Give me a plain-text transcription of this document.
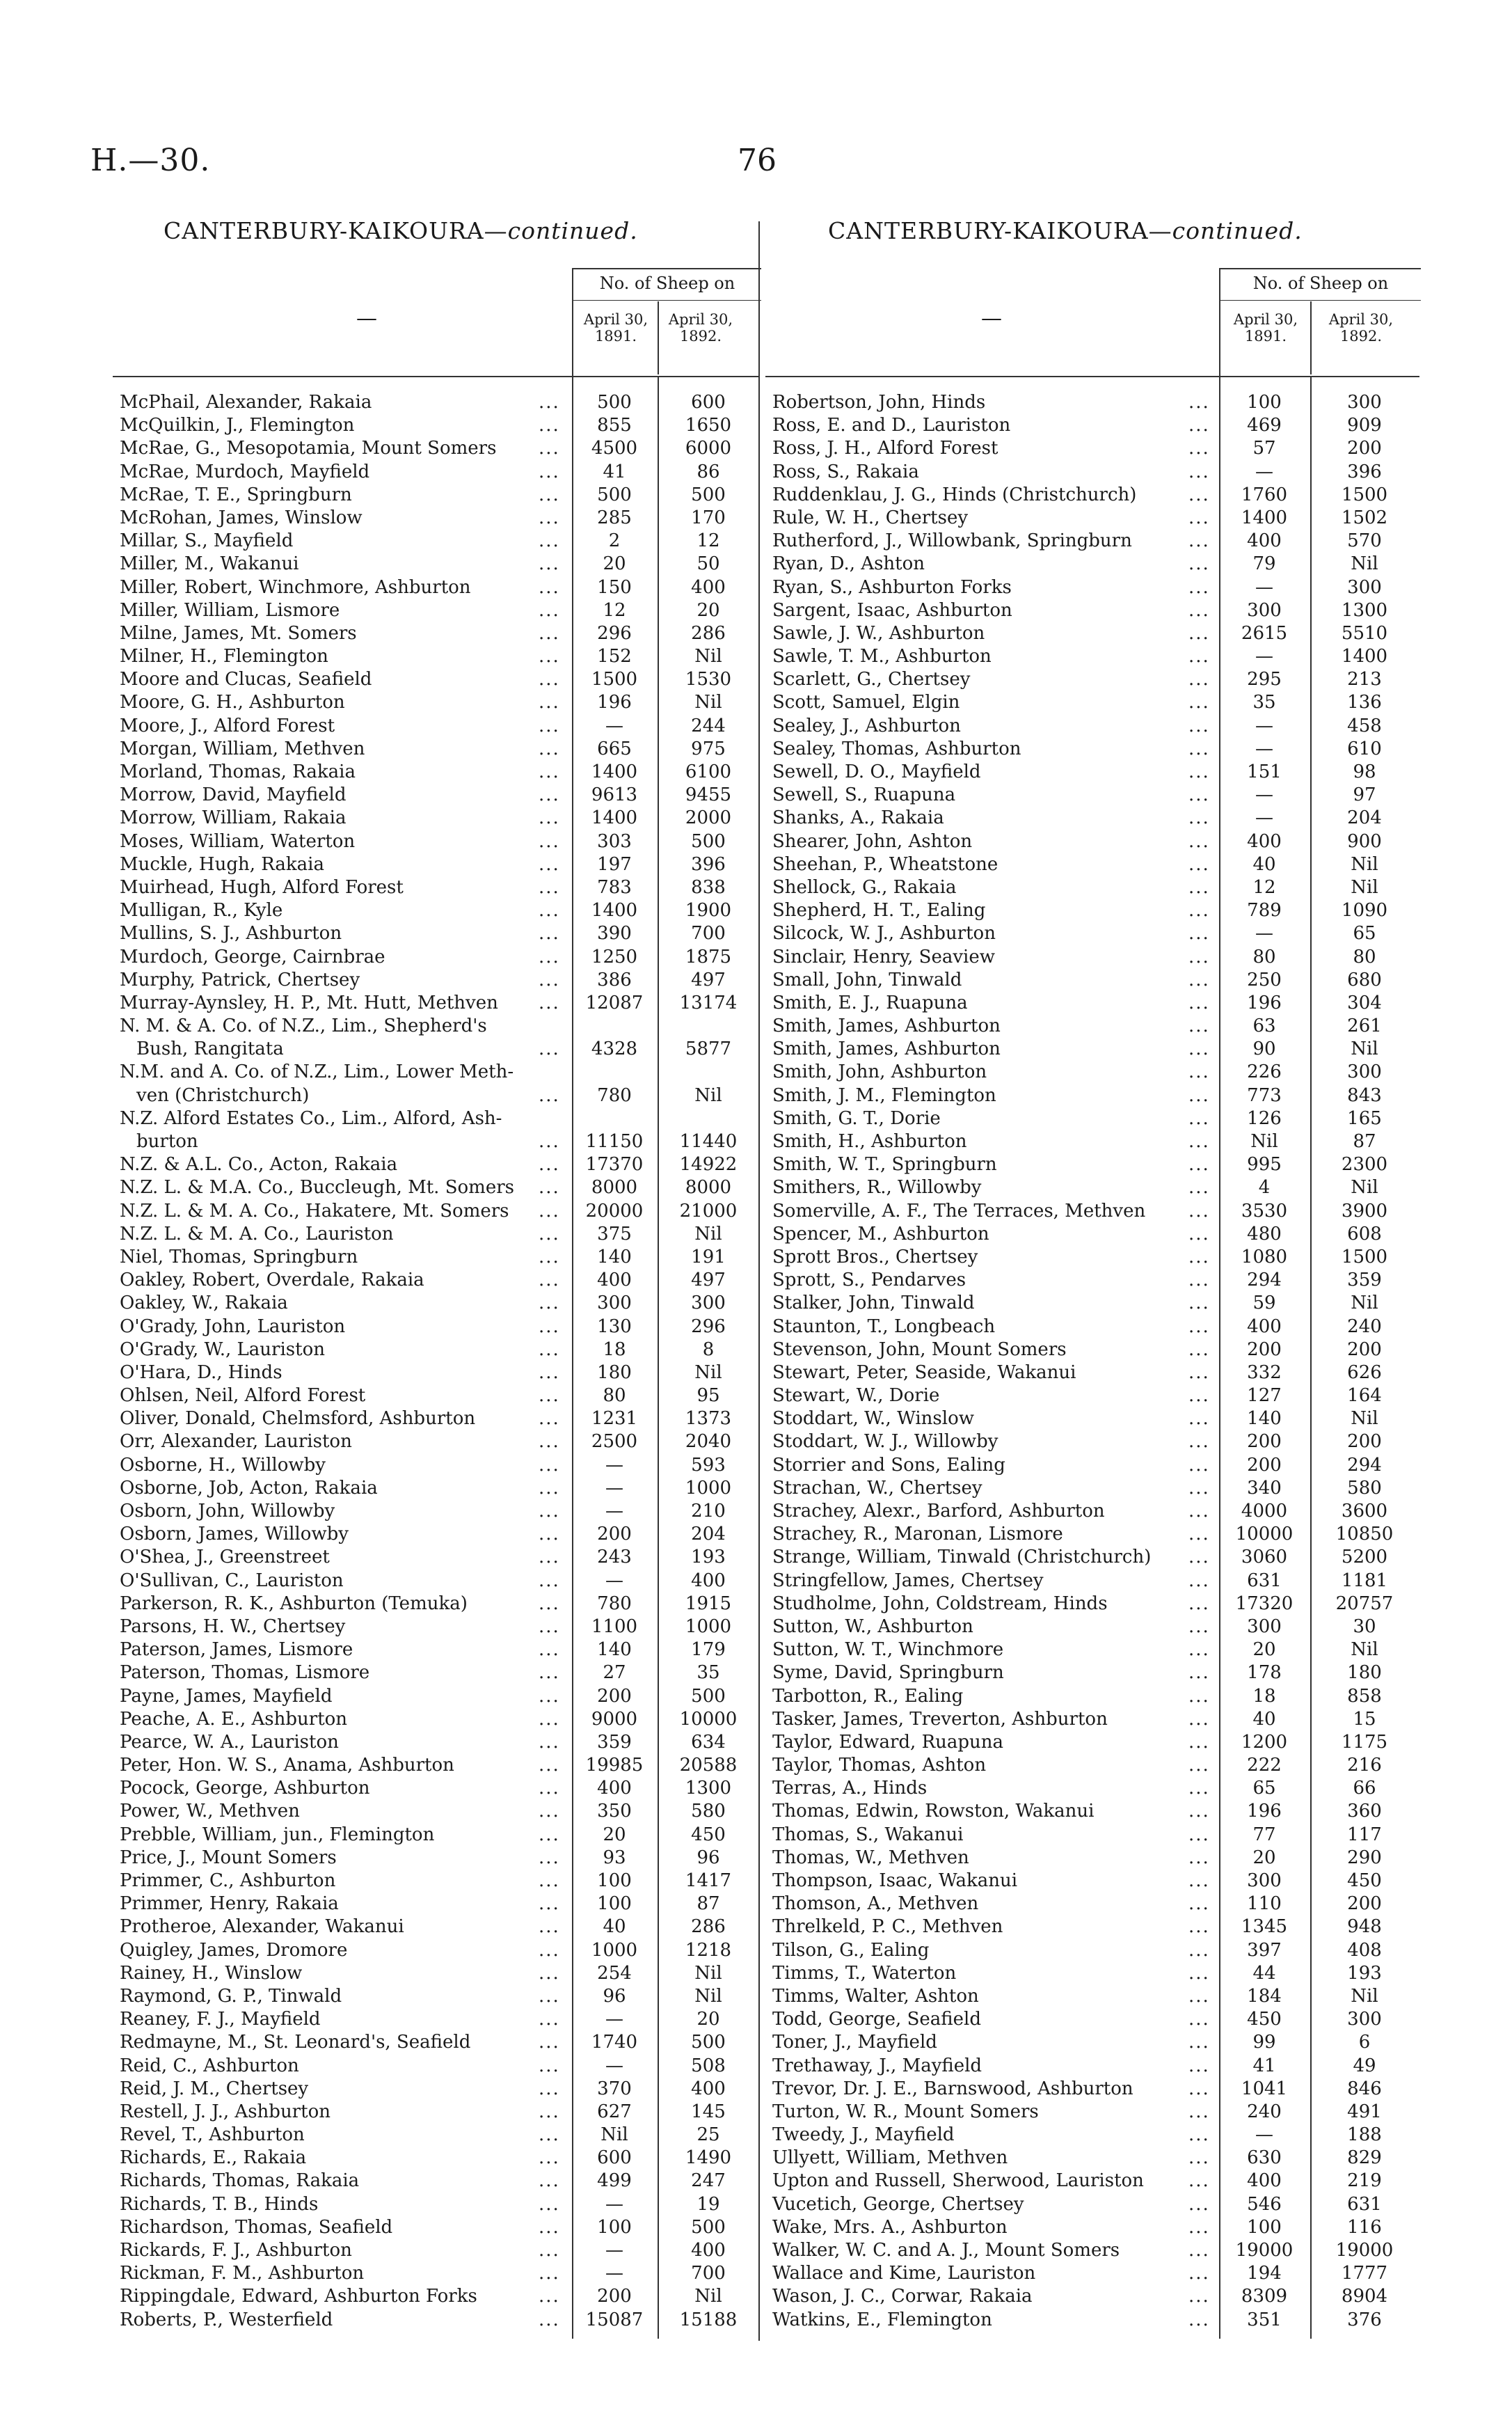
H.—30.	76
CANTERBURY-KAIKOURA—continued.	CANTERBURY-KAIKOURA—continued.
—
No. of Sheep on
April 30, 1891.
April 30, 1892.
McPhail, Alexander, Rakaia	...	500	600
McQuilkin, J., Flemington	...	855	1650
McRae, G., Mesopotamia, Mount Somers ...	4500	6000
McRae, Murdoch, Mayfield	...	41	86
McRae, T. E., Springburn	...	500	500
McRohan, James, Winslow	...	285	170
Millar, S., Mayfield	...	2	12
Miller, M., Wakanui	...	20	50
Miller, Robert, Winchmore, Ashburton	...	150	400
Miller, William, Lismore	...	12	20
Milne, James, Mt. Somers	...	296	286
Milner, H., Flemington	...	152	Nil
Moore and Clucas, Seafield	...	1500	1530
Moore, G. H., Ashburton	...	196	Nil
Moore, J., Alford Forest	...	—	244
Morgan, William, Methven	...	665	975
Morland, Thomas, Rakaia	...	1400	6100
Morrow, David, Mayfield	...	9613	9455
Morrow, William, Rakaia	...	1400	2000
Moses, William, Waterton	...	303	500
Muckle, Hugh, Rakaia	...	197	396
Muirhead, Hugh, Alford Forest	...	783	838
Mulligan, R., Kyle	...	1400	1900
Mullins, S. J., Ashburton	...	390	700
Murdoch, George, Cairnbrae	...	1250	1875
Murphy, Patrick, Chertsey	...	386	497
Murray-Aynsley, H. P., Mt. Hutt, Methven ...	12087	13174
N. M. & A. Co. of N.Z., Lim., Shepherd's
Bush, Rangitata	...	4328	5877
N.M. and A. Co. of N.Z., Lim., Lower Meth-
ven (Christchurch)	...	780	Nil
N.Z. Alford Estates Co., Lim., Alford, Ash-
burton	...	11150	11440
N.Z. & A.L. Co., Acton, Rakaia	...	17370	14922
N.Z. L. & M.A. Co., Buccleugh, Mt. Somers ...	8000	8000
N.Z. L. & M. A. Co., Hakatere, Mt. Somers ...	20000	21000
N.Z. L. & M. A. Co., Lauriston	...	375	Nil
Niel, Thomas, Springburn	...	140	191
Oakley, Robert, Overdale, Rakaia	...	400	497
Oakley, W., Rakaia	...	300	300
O'Grady, John, Lauriston	...	130	296
O'Grady, W., Lauriston	...	18	8
O'Hara, D., Hinds	...	180	Nil
Ohlsen, Neil, Alford Forest	...	80	95
Oliver, Donald, Chelmsford, Ashburton	...	1231	1373
Orr, Alexander, Lauriston	...	2500	2040
Osborne, H., Willowby	...	—	593
Osborne, Job, Acton, Rakaia	...	—	1000
Osborn, John, Willowby	...	—	210
Osborn, James, Willowby	...	200	204
O'Shea, J., Greenstreet	...	243	193
O'Sullivan, C., Lauriston	...	—	400
Parkerson, R. K., Ashburton (Temuka)	...	780	1915
Parsons, H. W., Chertsey	...	1100	1000
Paterson, James, Lismore	...	140	179
Paterson, Thomas, Lismore	...	27	35
Payne, James, Mayfield	...	200	500
Peache, A. E., Ashburton	...	9000	10000
Pearce, W. A., Lauriston	...	359	634
Peter, Hon. W. S., Anama, Ashburton	...	19985	20588
Pocock, George, Ashburton	...	400	1300
Power, W., Methven	...	350	580
Prebble, William, jun., Flemington	...	20	450
Price, J., Mount Somers	...	93	96
Primmer, C., Ashburton	...	100	1417
Primmer, Henry, Rakaia	...	100	87
Protheroe, Alexander, Wakanui	...	40	286
Quigley, James, Dromore	...	1000	1218
Rainey, H., Winslow	...	254	Nil
Raymond, G. P., Tinwald	...	96	Nil
Reaney, F. J., Mayfield	...	—	20
Redmayne, M., St. Leonard's, Seafield	...	1740	500
Reid, C., Ashburton	...	—	508
Reid, J. M., Chertsey	...	370	400
Restell, J. J., Ashburton	...	627	145
Revel, T., Ashburton	...	Nil	25
Richards, E., Rakaia	...	600	1490
Richards, Thomas, Rakaia	...	499	247
Richards, T. B., Hinds	...	—	19
Richardson, Thomas, Seafield	...	100	500
Rickards, F. J., Ashburton	...	—	400
Rickman, F. M., Ashburton	...	—	700
Rippingdale, Edward, Ashburton Forks	...	200	Nil
Roberts, P., Westerfield	...	15087	15188
—
No. of Sheep on
April 30, 1891.
April 30, 1892.
Robertson, John, Hinds	...	100	300
Ross, E. and D., Lauriston	...	469	909
Ross, J. H., Alford Forest	...	57	200
Ross, S., Rakaia	...	—	396
Ruddenklau, J. G., Hinds (Christchurch)	...	1760	1500
Rule, W. H., Chertsey	...	1400	1502
Rutherford, J., Willowbank, Springburn	...	400	570
Ryan, D., Ashton	...	79	Nil
Ryan, S., Ashburton Forks	...	—	300
Sargent, Isaac, Ashburton	...	300	1300
Sawle, J. W., Ashburton	...	2615	5510
Sawle, T. M., Ashburton	...	—	1400
Scarlett, G., Chertsey	...	295	213
Scott, Samuel, Elgin	...	35	136
Sealey, J., Ashburton	...	—	458
Sealey, Thomas, Ashburton	...	—	610
Sewell, D. O., Mayfield	...	151	98
Sewell, S., Ruapuna	...	—	97
Shanks, A., Rakaia	...	—	204
Shearer, John, Ashton	...	400	900
Sheehan, P., Wheatstone	...	40	Nil
Shellock, G., Rakaia	...	12	Nil
Shepherd, H. T., Ealing	...	789	1090
Silcock, W. J., Ashburton	...	—	65
Sinclair, Henry, Seaview	...	80	80
Small, John, Tinwald	...	250	680
Smith, E. J., Ruapuna	...	196	304
Smith, James, Ashburton	...	63	261
Smith, James, Ashburton	...	90	Nil
Smith, John, Ashburton	...	226	300
Smith, J. M., Flemington	...	773	843
Smith, G. T., Dorie	...	126	165
Smith, H., Ashburton	...	Nil	87
Smith, W. T., Springburn	...	995	2300
Smithers, R., Willowby	...	4	Nil
Somerville, A. F., The Terraces, Methven ...	3530	3900
Spencer, M., Ashburton	...	480	608
Sprott Bros., Chertsey	...	1080	1500
Sprott, S., Pendarves	...	294	359
Stalker, John, Tinwald	...	59	Nil
Staunton, T., Longbeach	...	400	240
Stevenson, John, Mount Somers	...	200	200
Stewart, Peter, Seaside, Wakanui	...	332	626
Stewart, W., Dorie	...	127	164
Stoddart, W., Winslow	...	140	Nil
Stoddart, W. J., Willowby	...	200	200
Storrier and Sons, Ealing	...	200	294
Strachan, W., Chertsey	...	340	580
Strachey, Alexr., Barford, Ashburton	...	4000	3600
Strachey, R., Maronan, Lismore	...	10000	10850
Strange, William, Tinwald (Christchurch) ...	3060	5200
Stringfellow, James, Chertsey	...	631	1181
Studholme, John, Coldstream, Hinds	...	17320	20757
Sutton, W., Ashburton	...	300	30
Sutton, W. T., Winchmore	...	20	Nil
Syme, David, Springburn	...	178	180
Tarbotton, R., Ealing	...	18	858
Tasker, James, Treverton, Ashburton	...	40	15
Taylor, Edward, Ruapuna	...	1200	1175
Taylor, Thomas, Ashton	...	222	216
Terras, A., Hinds	...	65	66
Thomas, Edwin, Rowston, Wakanui	...	196	360
Thomas, S., Wakanui	...	77	117
Thomas, W., Methven	...	20	290
Thompson, Isaac, Wakanui	...	300	450
Thomson, A., Methven	...	110	200
Threlkeld, P. C., Methven	...	1345	948
Tilson, G., Ealing	...	397	408
Timms, T., Waterton	...	44	193
Timms, Walter, Ashton	...	184	Nil
Todd, George, Seafield	...	450	300
Toner, J., Mayfield	...	99	6
Trethaway, J., Mayfield	...	41	49
Trevor, Dr. J. E., Barnswood, Ashburton	...	1041	846
Turton, W. R., Mount Somers	...	240	491
Tweedy, J., Mayfield	...	—	188
Ullyett, William, Methven	...	630	829
Upton and Russell, Sherwood, Lauriston ...	400	219
Vucetich, George, Chertsey	...	546	631
Wake, Mrs. A., Ashburton	...	100	116
Walker, W. C. and A. J., Mount Somers	...	19000	19000
Wallace and Kime, Lauriston	...	194	1777
Wason, J. C., Corwar, Rakaia	...	8309	8904
Watkins, E., Flemington	...	351	376
